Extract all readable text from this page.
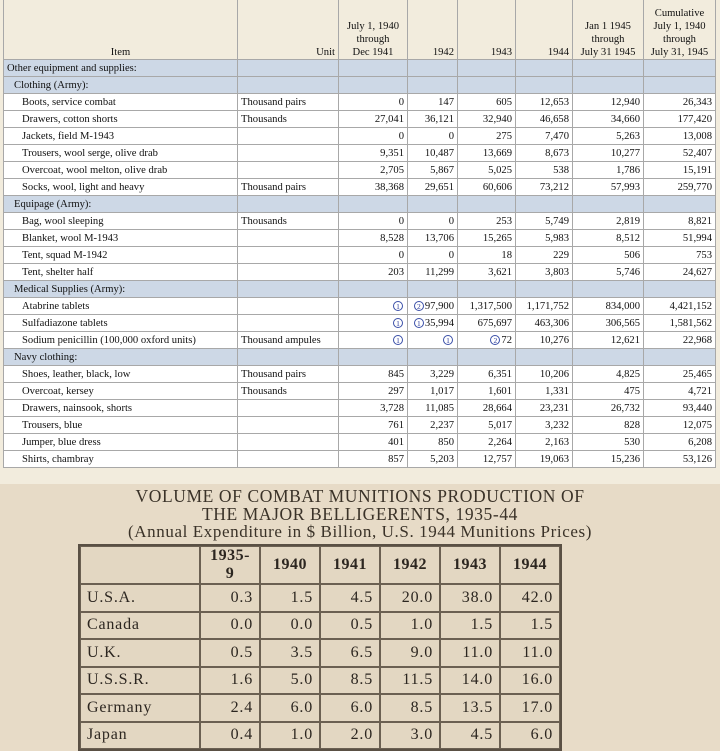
Item	Unit	July 1, 1940
through
Dec 1941	1942	1943	1944	Jan 1 1945
through
July 31 1945	Cumulative
July 1, 1940
through
July 31, 1945
Other equipment and supplies:							
Clothing (Army):							
Boots, service combat	Thousand pairs	0	147	605	12,653	12,940	26,343
Drawers, cotton shorts	Thousands	27,041	36,121	32,940	46,658	34,660	177,420
Jackets, field M-1943		0	0	275	7,470	5,263	13,008
Trousers, wool serge, olive drab		9,351	10,487	13,669	8,673	10,277	52,407
Overcoat, wool melton, olive drab		2,705	5,867	5,025	538	1,786	15,191
Socks, wool, light and heavy	Thousand pairs	38,368	29,651	60,606	73,212	57,993	259,770
Equipage (Army):							
Bag, wool sleeping	Thousands	0	0	253	5,749	2,819	8,821
Blanket, wool M-1943		8,528	13,706	15,265	5,983	8,512	51,994
Tent, squad M-1942		0	0	18	229	506	753
Tent, shelter half		203	11,299	3,621	3,803	5,746	24,627
Medical Supplies (Army):							
Atabrine tablets		1	2 97,900	1,317,500	1,171,752	834,000	4,421,152
Sulfadiazone tablets		1	1 35,994	675,697	463,306	306,565	1,581,562
Sodium penicillin (100,000 oxford units)	Thousand ampules	1	1	2 72	10,276	12,621	22,968
Navy clothing:							
Shoes, leather, black, low	Thousand pairs	845	3,229	6,351	10,206	4,825	25,465
Overcoat, kersey	Thousands	297	1,017	1,601	1,331	475	4,721
Drawers, nainsook, shorts		3,728	11,085	28,664	23,231	26,732	93,440
Trousers, blue		761	2,237	5,017	3,232	828	12,075
Jumper, blue dress		401	850	2,264	2,163	530	6,208
Shirts, chambray		857	5,203	12,757	19,063	15,236	53,126
VOLUME OF COMBAT MUNITIONS PRODUCTION OF
THE MAJOR BELLIGERENTS, 1935-44
(Annual Expenditure in $ Billion, U.S. 1944 Munitions Prices)
	1935-9	1940	1941	1942	1943	1944
U.S.A.	0.3	1.5	4.5	20.0	38.0	42.0
Canada	0.0	0.0	0.5	1.0	1.5	1.5
U.K.	0.5	3.5	6.5	9.0	11.0	11.0
U.S.S.R.	1.6	5.0	8.5	11.5	14.0	16.0
Germany	2.4	6.0	6.0	8.5	13.5	17.0
Japan	0.4	1.0	2.0	3.0	4.5	6.0
